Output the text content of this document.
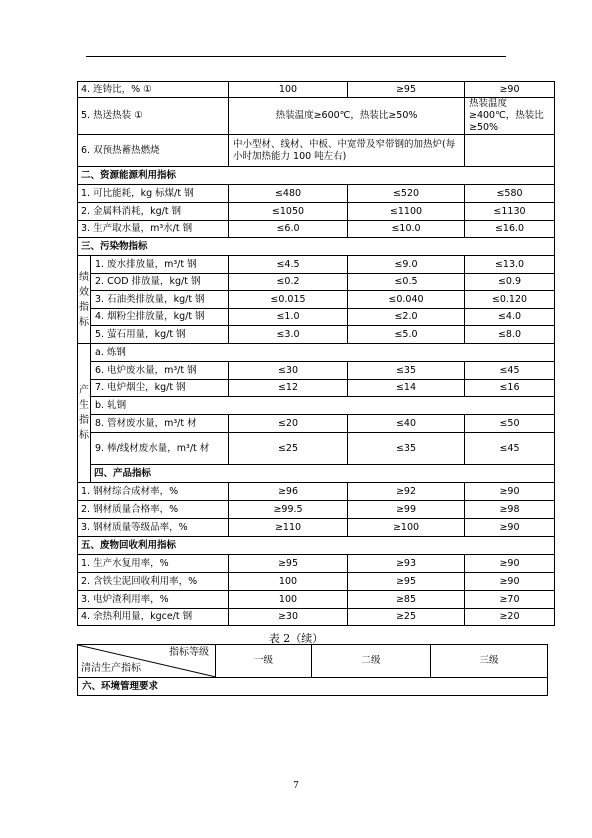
4. 连铸比，% ①		100	≥95	≥90
5. 热送热装 ①		热装温度≥600℃，热装比≥50%		热装温度≥400℃，热装比≥50%
6. 双预热蓄热燃烧		中小型材、线材、中板、中宽带及窄带钢的加热炉(每小时加热能力 100 吨左右)		
二、资源能源利用指标				
1. 可比能耗，kg 标煤/t 钢		≤480	≤520	≤580
2. 金属料消耗，kg/t 钢		≤1050	≤1100	≤1130
3. 生产取水量，m³水/t 钢		≤6.0	≤10.0	≤16.0
三、污染物指标				

绩
效
指
标	1. 废水排放量，m³/t 钢	≤4.5	≤9.0	≤13.0
	2. COD 排放量，kg/t 钢	≤0.2	≤0.5	≤0.9
	3. 石油类排放量，kg/t 钢	≤0.015	≤0.040	≤0.120
	4. 烟粉尘排放量，kg/t 钢	≤1.0	≤2.0	≤4.0
	5. 萤石用量，kg/t 钢	≤3.0	≤5.0	≤8.0

产
生
指
标	a. 炼钢			
	6. 电炉废水量，m³/t 钢	≤30	≤35	≤45
	7. 电炉烟尘，kg/t 钢	≤12	≤14	≤16
	b. 轧钢			
	8. 管材废水量，m³/t 材	≤20	≤40	≤50
	9. 棒/线材废水量，m³/t 材	≤25	≤35	≤45
	四、产品指标			
1. 钢材综合成材率，%		≥96	≥92	≥90
2. 钢材质量合格率，%		≥99.5	≥99	≥98
3. 钢材质量等级品率，%		≥110	≥100	≥90
五、废物回收利用指标				
1. 生产水复用率，%		≥95	≥93	≥90
2. 含铁尘泥回收利用率，%		100	≥95	≥90
3. 电炉渣利用率，%		100	≥85	≥70
4. 余热利用量，kgce/t 钢		≥30	≥25	≥20
表 2（续）
指标等级
清洁生产指标
	一级	二级	三级
六、环境管理要求
7
